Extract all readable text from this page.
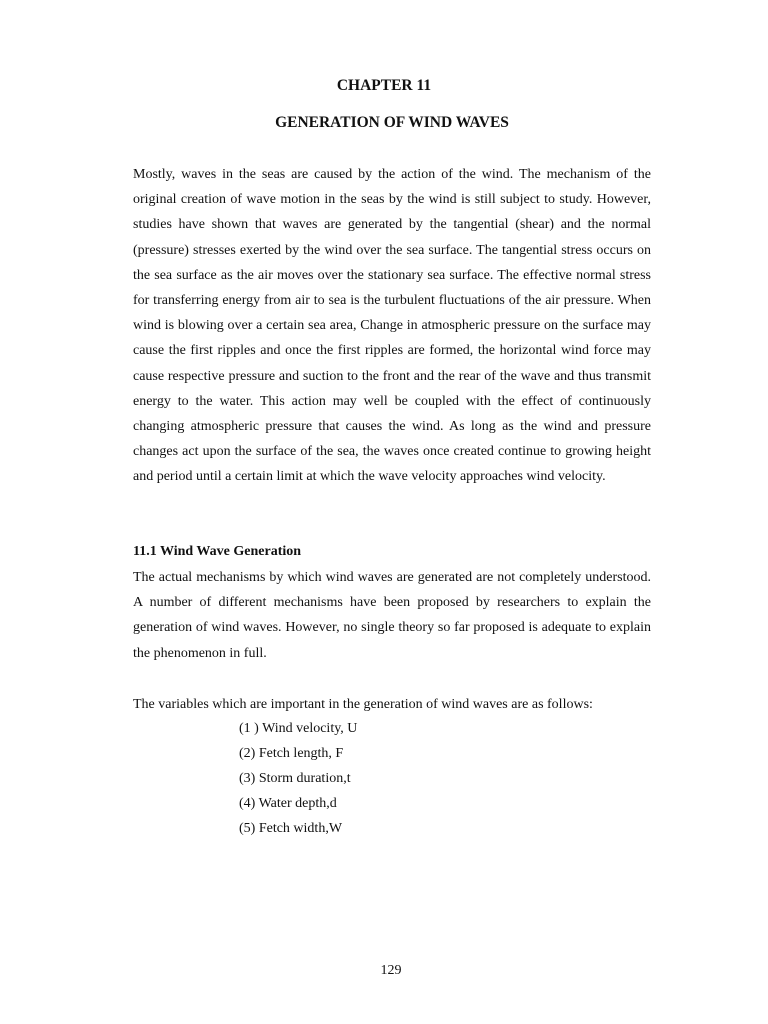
CHAPTER 11
GENERATION OF WIND WAVES

Mostly, waves in the seas are caused by the action of the wind. The mechanism of the original creation of wave motion in the seas by the wind is still subject to study. However, studies have shown that waves are generated by the tangential (shear) and the normal (pressure) stresses exerted by the wind over the sea surface. The tangential stress occurs on the sea surface as the air moves over the stationary sea surface. The effective normal stress for transferring energy from air to sea is the turbulent fluctuations of the air pressure. When wind is blowing over a certain sea area, Change in atmospheric pressure on the surface may cause the first ripples and once the first ripples are formed, the horizontal wind force may cause respective pressure and suction to the front and the rear of the wave and thus transmit energy to the water. This action may well be coupled with the effect of continuously changing atmospheric pressure that causes the wind. As long as the wind and pressure changes act upon the surface of the sea, the waves once created continue to growing height and period until a certain limit at which the wave velocity approaches wind velocity.

11.1 Wind Wave Generation

The actual mechanisms by which wind waves are generated are not completely understood. A number of different mechanisms have been proposed by researchers to explain the generation of wind waves. However, no single theory so far proposed is adequate to explain the phenomenon in full.

The variables which are important in the generation of wind waves are as follows:

(1 ) Wind velocity, U
(2) Fetch length, F
(3) Storm duration,t
(4) Water depth,d
(5) Fetch width,W
129
